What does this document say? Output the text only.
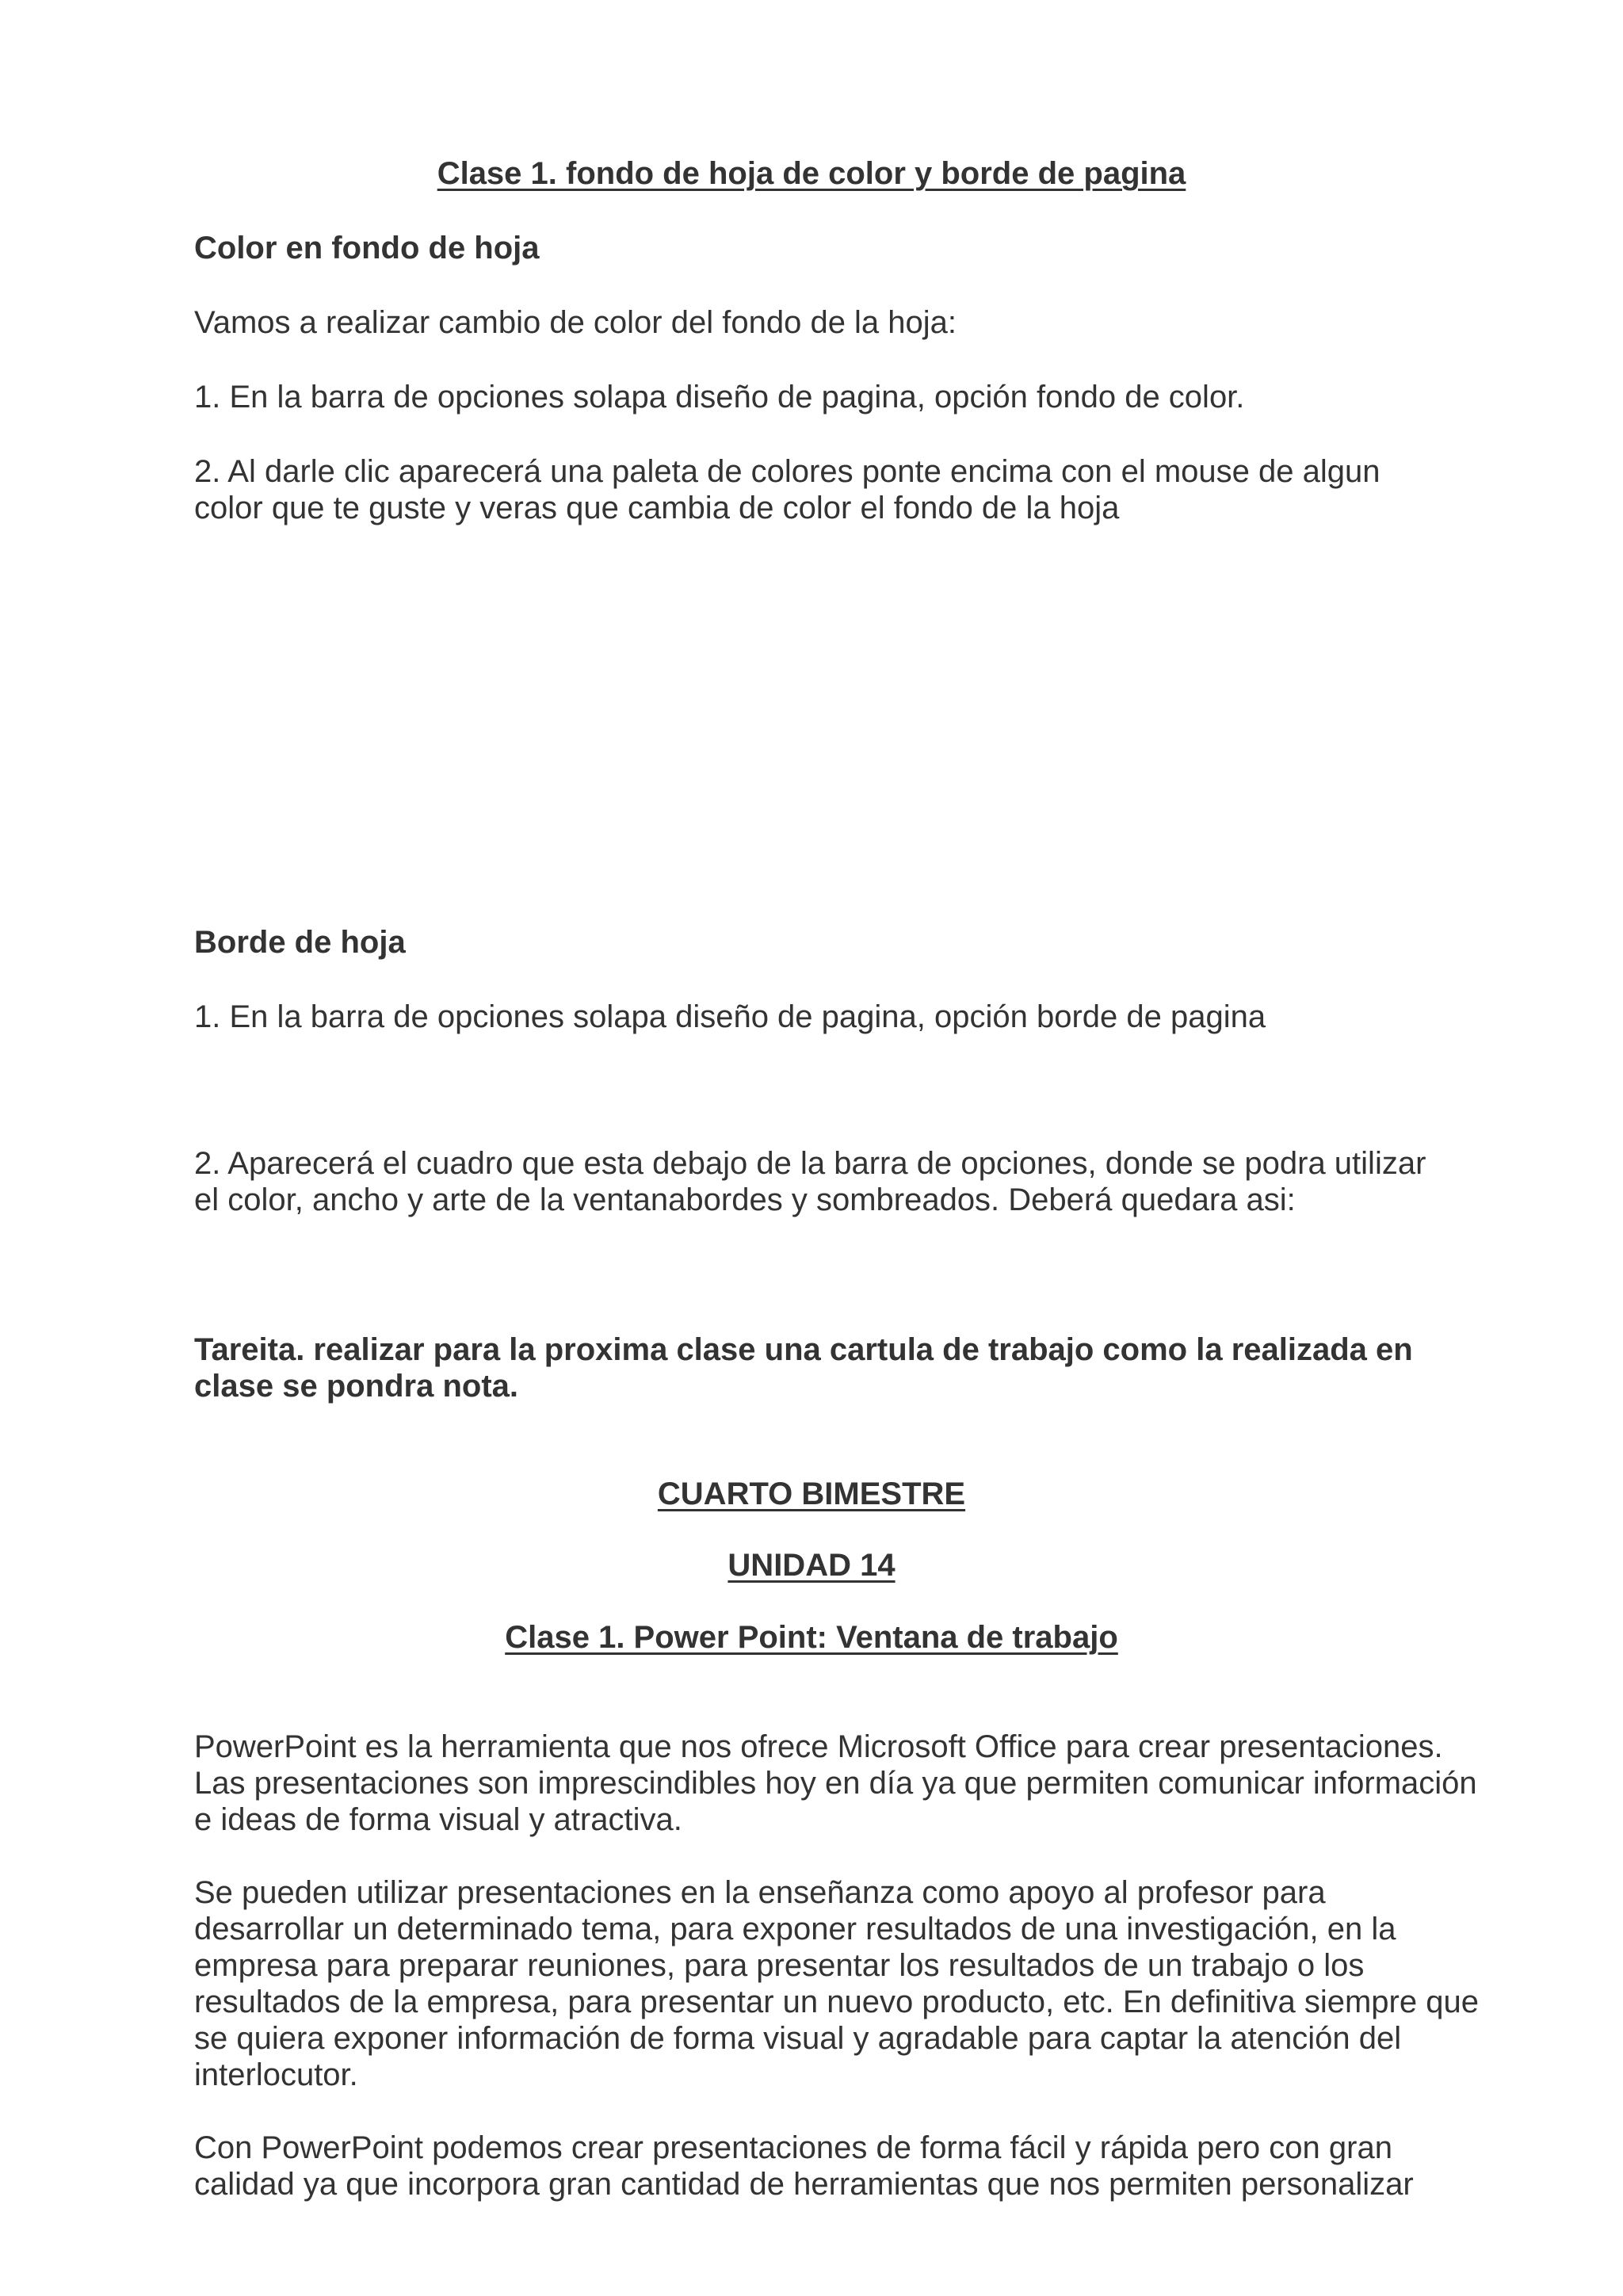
Clase 1. fondo de hoja de color y borde de pagina

Color en fondo de hoja

Vamos a realizar cambio de color del fondo de la hoja:

1. En la barra de opciones solapa diseño de pagina, opción fondo de color.

2. Al darle clic aparecerá una paleta de colores ponte encima con el mouse de algun

color que te guste y veras que cambia de color el fondo de la hoja

Borde de hoja

1. En la barra de opciones solapa diseño de pagina, opción borde de pagina

2. Aparecerá el cuadro que esta debajo de la barra de opciones, donde se podra utilizar

el color, ancho y arte de la ventanabordes y sombreados. Deberá quedara asi:

Tareita. realizar para la proxima clase una cartula de trabajo como la realizada en

clase se pondra nota.

CUARTO BIMESTRE

UNIDAD 14

Clase 1. Power Point: Ventana de trabajo

PowerPoint es la herramienta que nos ofrece Microsoft Office para crear presentaciones.

Las presentaciones son imprescindibles hoy en día ya que permiten comunicar información

e ideas de forma visual y atractiva.

Se pueden utilizar presentaciones en la enseñanza como apoyo al profesor para

desarrollar un determinado tema, para exponer resultados de una investigación, en la

empresa para preparar reuniones, para presentar los resultados de un trabajo o los

resultados de la empresa, para presentar un nuevo producto, etc. En definitiva siempre que

se quiera exponer información de forma visual y agradable para captar la atención del

interlocutor.

Con PowerPoint podemos crear presentaciones de forma fácil y rápida pero con gran

calidad ya que incorpora gran cantidad de herramientas que nos permiten personalizar
